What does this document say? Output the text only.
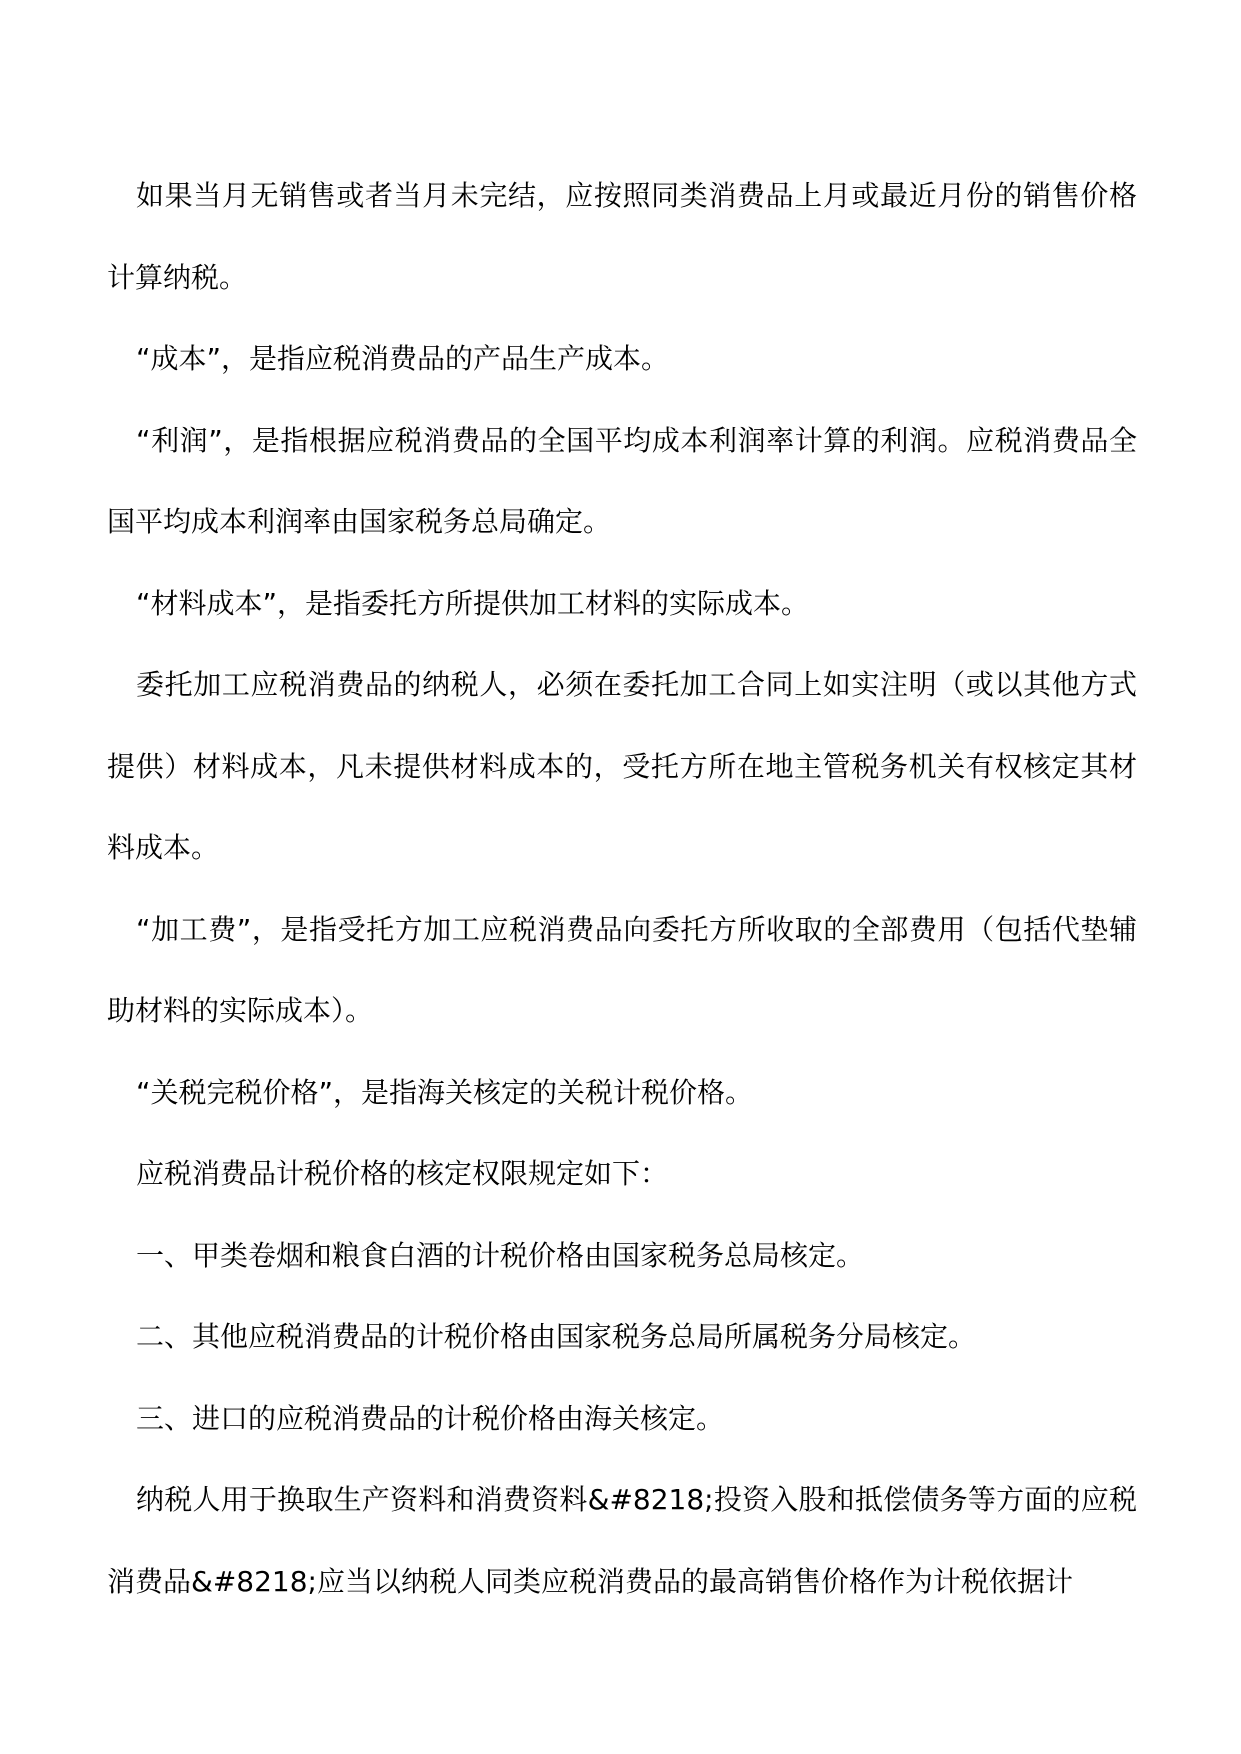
如果当月无销售或者当月未完结，应按照同类消费品上月或最近月份的销售价格计算纳税。

“成本”，是指应税消费品的产品生产成本。

“利润”，是指根据应税消费品的全国平均成本利润率计算的利润。应税消费品全国平均成本利润率由国家税务总局确定。

“材料成本”，是指委托方所提供加工材料的实际成本。

委托加工应税消费品的纳税人，必须在委托加工合同上如实注明（或以其他方式提供）材料成本，凡未提供材料成本的，受托方所在地主管税务机关有权核定其材料成本。

“加工费”，是指受托方加工应税消费品向委托方所收取的全部费用（包括代垫辅助材料的实际成本）。

“关税完税价格”，是指海关核定的关税计税价格。

应税消费品计税价格的核定权限规定如下：

一、甲类卷烟和粮食白酒的计税价格由国家税务总局核定。

二、其他应税消费品的计税价格由国家税务总局所属税务分局核定。

三、进口的应税消费品的计税价格由海关核定。

纳税人用于换取生产资料和消费资料&#8218;投资入股和抵偿债务等方面的应税消费品&#8218;应当以纳税人同类应税消费品的最高销售价格作为计税依据计
